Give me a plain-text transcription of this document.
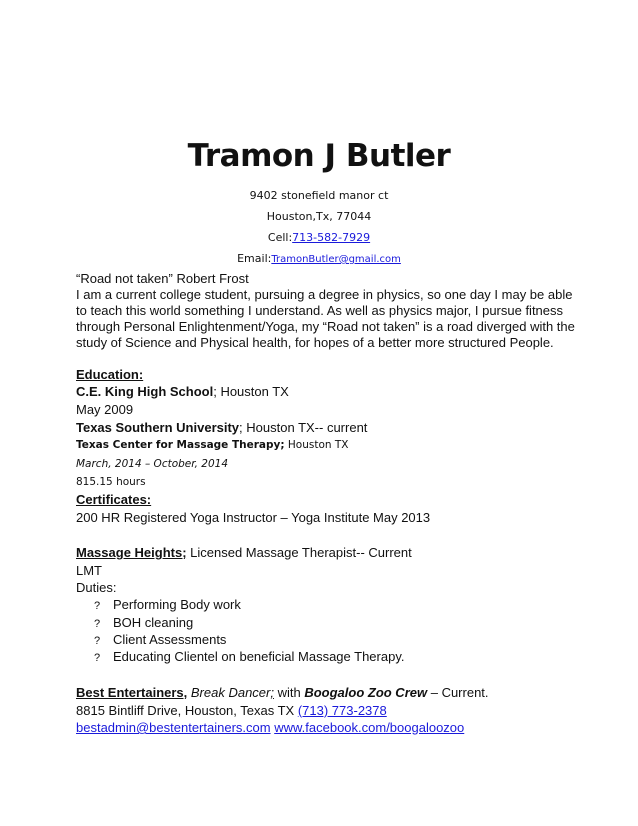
Tramon J Butler
9402 stonefield manor ct
Houston,Tx, 77044
Cell:713-582-7929
Email:TramonButler@gmail.com
“Road not taken” Robert Frost
I am a current college student, pursuing a degree in physics, so one day I may be able
to teach this world something I understand. As well as physics major, I pursue fitness
through Personal Enlightenment/Yoga, my “Road not taken” is a road diverged with the
study of Science and Physical health, for hopes of a better more structured People.
Education:
C.E. King High School; Houston TX
May 2009
Texas Southern University; Houston TX-- current
Texas Center for Massage Therapy; Houston TX
March, 2014 – October, 2014
815.15 hours
Certificates:
200 HR Registered Yoga Instructor – Yoga Institute May 2013
Massage Heights; Licensed Massage Therapist-- Current
LMT
Duties:
? Performing Body work
? BOH cleaning
? Client Assessments
? Educating Clientel on beneficial Massage Therapy.
Best Entertainers, Break Dancer; with Boogaloo Zoo Crew – Current.
8815 Bintliff Drive, Houston, Texas TX (713) 773-2378
bestadmin@bestentertainers.com www.facebook.com/boogaloozoo
